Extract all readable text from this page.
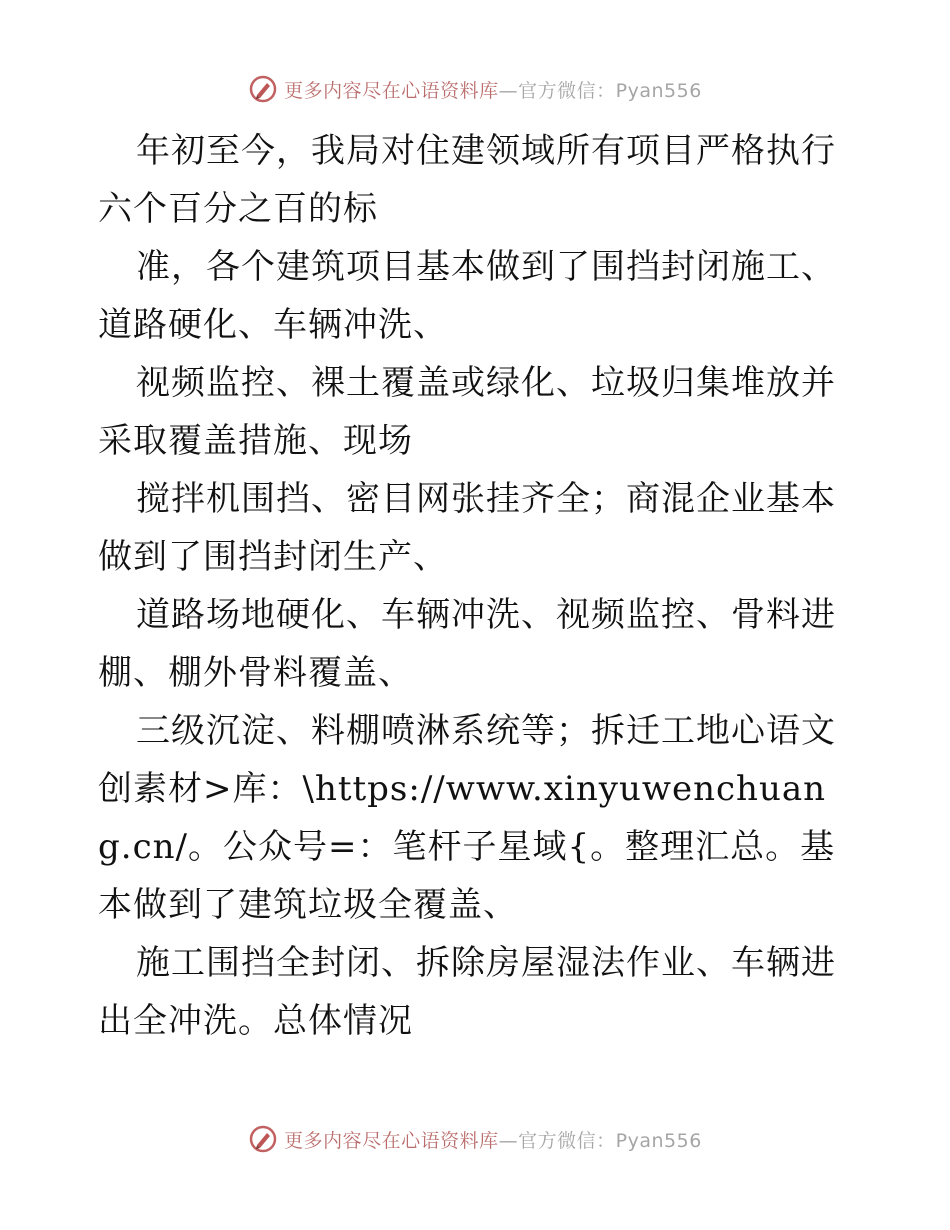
更多内容尽在心语资料库—官方微信：Pyan556

年初至今，我局对住建领域所有项目严格执行六个百分之百的标

准，各个建筑项目基本做到了围挡封闭施工、道路硬化、车辆冲洗、

视频监控、裸土覆盖或绿化、垃圾归集堆放并采取覆盖措施、现场

搅拌机围挡、密目网张挂齐全；商混企业基本做到了围挡封闭生产、

道路场地硬化、车辆冲洗、视频监控、骨料进棚、棚外骨料覆盖、

三级沉淀、料棚喷淋系统等；拆迁工地心语文创素材>库：\https://www.xinyuwenchuang.cn/。公众号=：笔杆子星域{。整理汇总。基本做到了建筑垃圾全覆盖、

施工围挡全封闭、拆除房屋湿法作业、车辆进出全冲洗。总体情况

更多内容尽在心语资料库—官方微信：Pyan556
